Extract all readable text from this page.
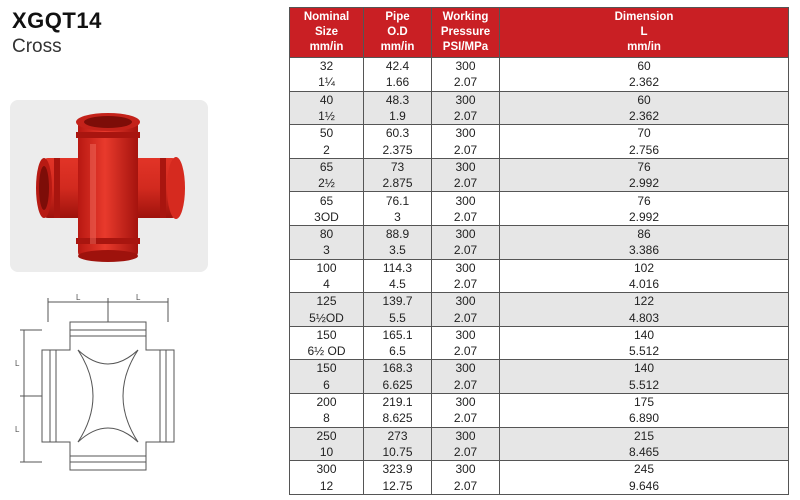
XGQT14
Cross
L	L
L
L
Nominal
Size
mm/in	Pipe
O.D
mm/in	Working
Pressure
PSI/MPa	Dimension
L
mm/in

32	42.4	300	60
1¼	1.66	2.07	2.362
40	48.3	300	60
1½	1.9	2.07	2.362
50	60.3	300	70
2	2.375	2.07	2.756
65	73	300	76
2½	2.875	2.07	2.992
65	76.1	300	76
3OD	3	2.07	2.992
80	88.9	300	86
3	3.5	2.07	3.386
100	114.3	300	102
4	4.5	2.07	4.016
125	139.7	300	122
5½OD	5.5	2.07	4.803
150	165.1	300	140
6½ OD	6.5	2.07	5.512
150	168.3	300	140
6	6.625	2.07	5.512
200	219.1	300	175
8	8.625	2.07	6.890
250	273	300	215
10	10.75	2.07	8.465
300	323.9	300	245
12	12.75	2.07	9.646
